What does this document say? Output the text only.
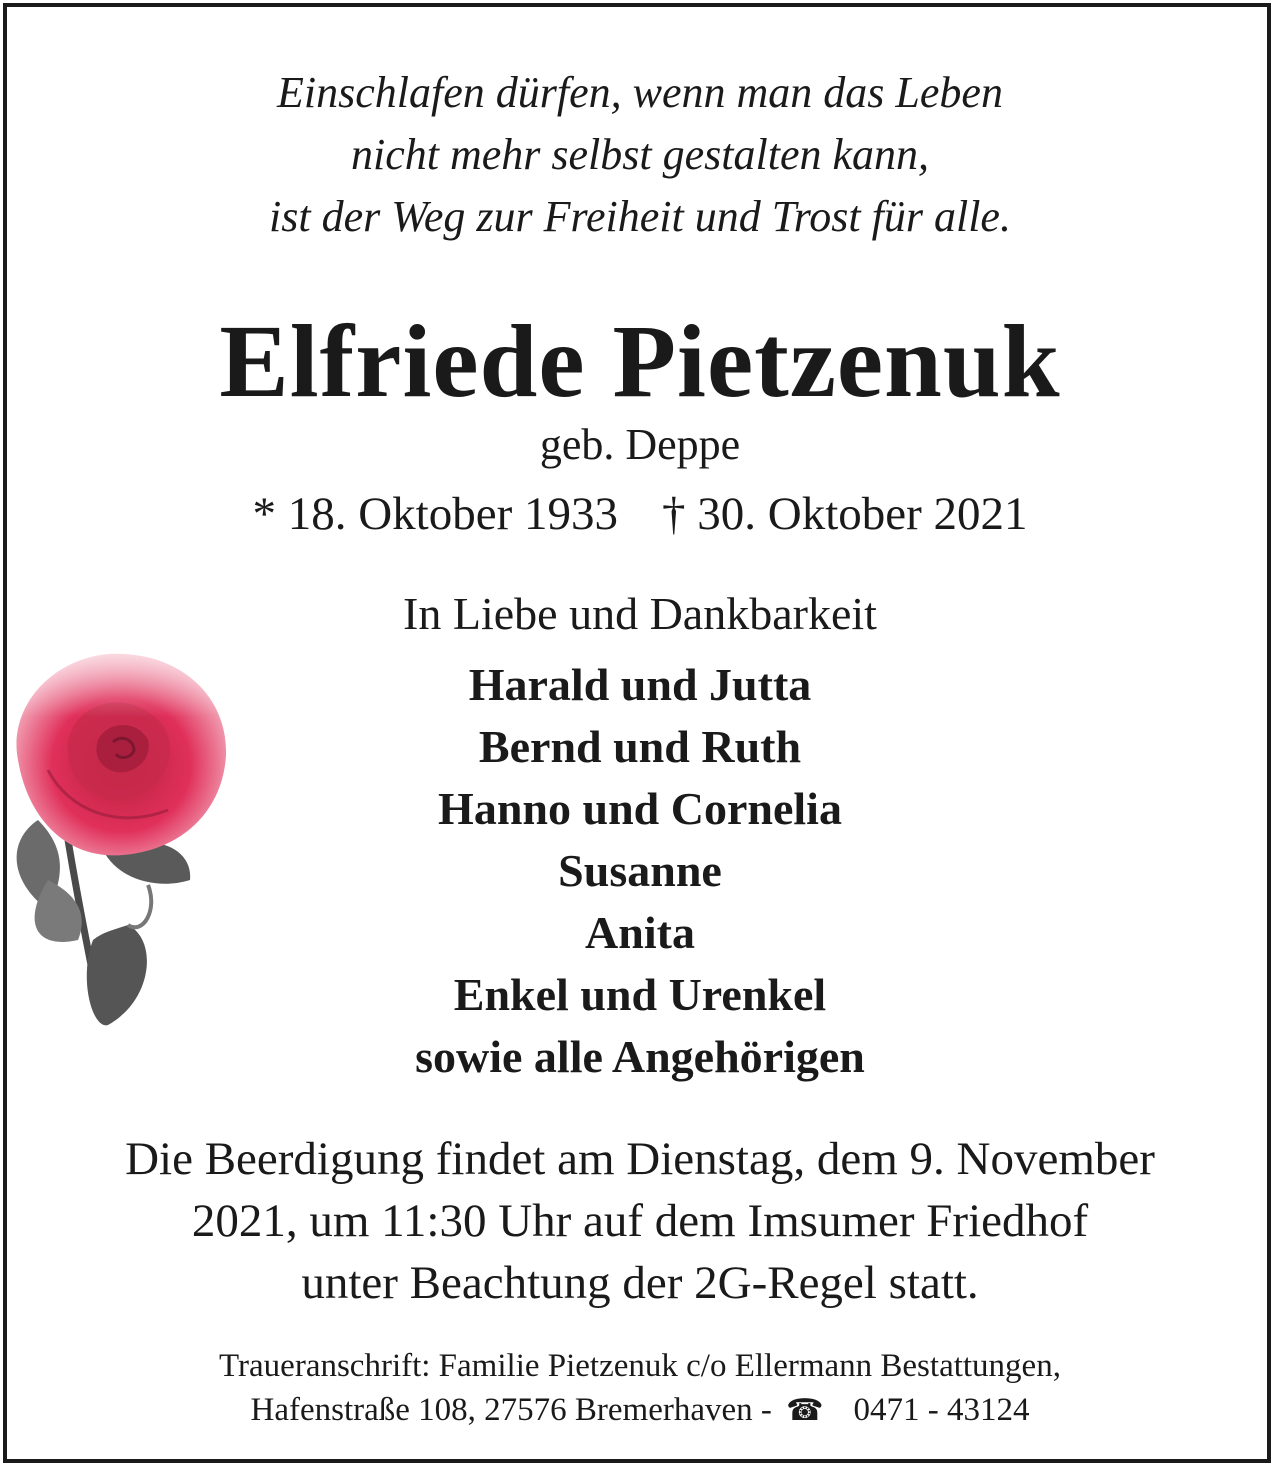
Einschlafen dürfen, wenn man das Leben
nicht mehr selbst gestalten kann,
ist der Weg zur Freiheit und Trost für alle.
Elfriede Pietzenuk
geb. Deppe
* 18. Oktober 1933 † 30. Oktober 2021
In Liebe und Dankbarkeit
Harald und Jutta
Bernd und Ruth
Hanno und Cornelia
Susanne
Anita
Enkel und Urenkel
sowie alle Angehörigen
Die Beerdigung findet am Dienstag, dem 9. November
2021, um 11:30 Uhr auf dem Imsumer Friedhof
unter Beachtung der 2G-Regel statt.
Traueranschrift: Familie Pietzenuk c/o Ellermann Bestattungen,
Hafenstraße 108, 27576 Bremerhaven - ☎ 0471 - 43124
